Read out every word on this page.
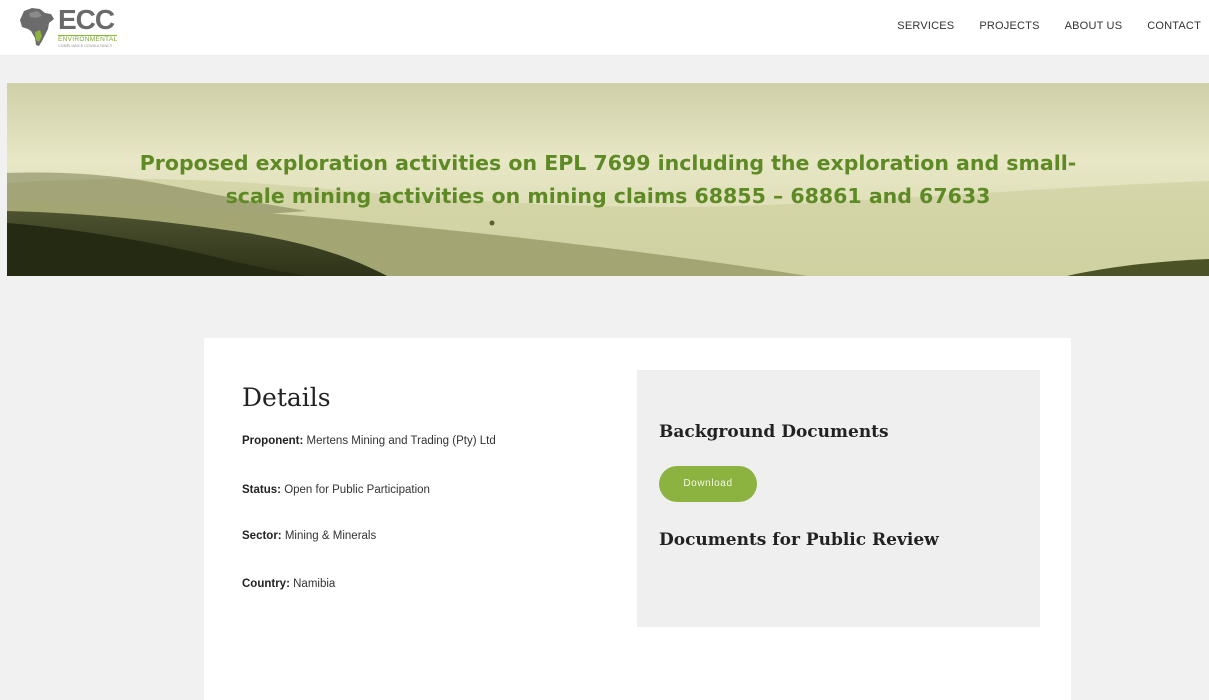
ECC
ENVIRONMENTAL
COMPLIANCE CONSULTANCY
SERVICES PROJECTS ABOUT US CONTACT
Proposed exploration activities on EPL 7699 including the exploration and small-scale mining activities on mining claims 68855 – 68861 and 67633
Details
Proponent: Mertens Mining and Trading (Pty) Ltd
Status: Open for Public Participation
Sector: Mining & Minerals
Country: Namibia
Background Documents
Download
Documents for Public Review
